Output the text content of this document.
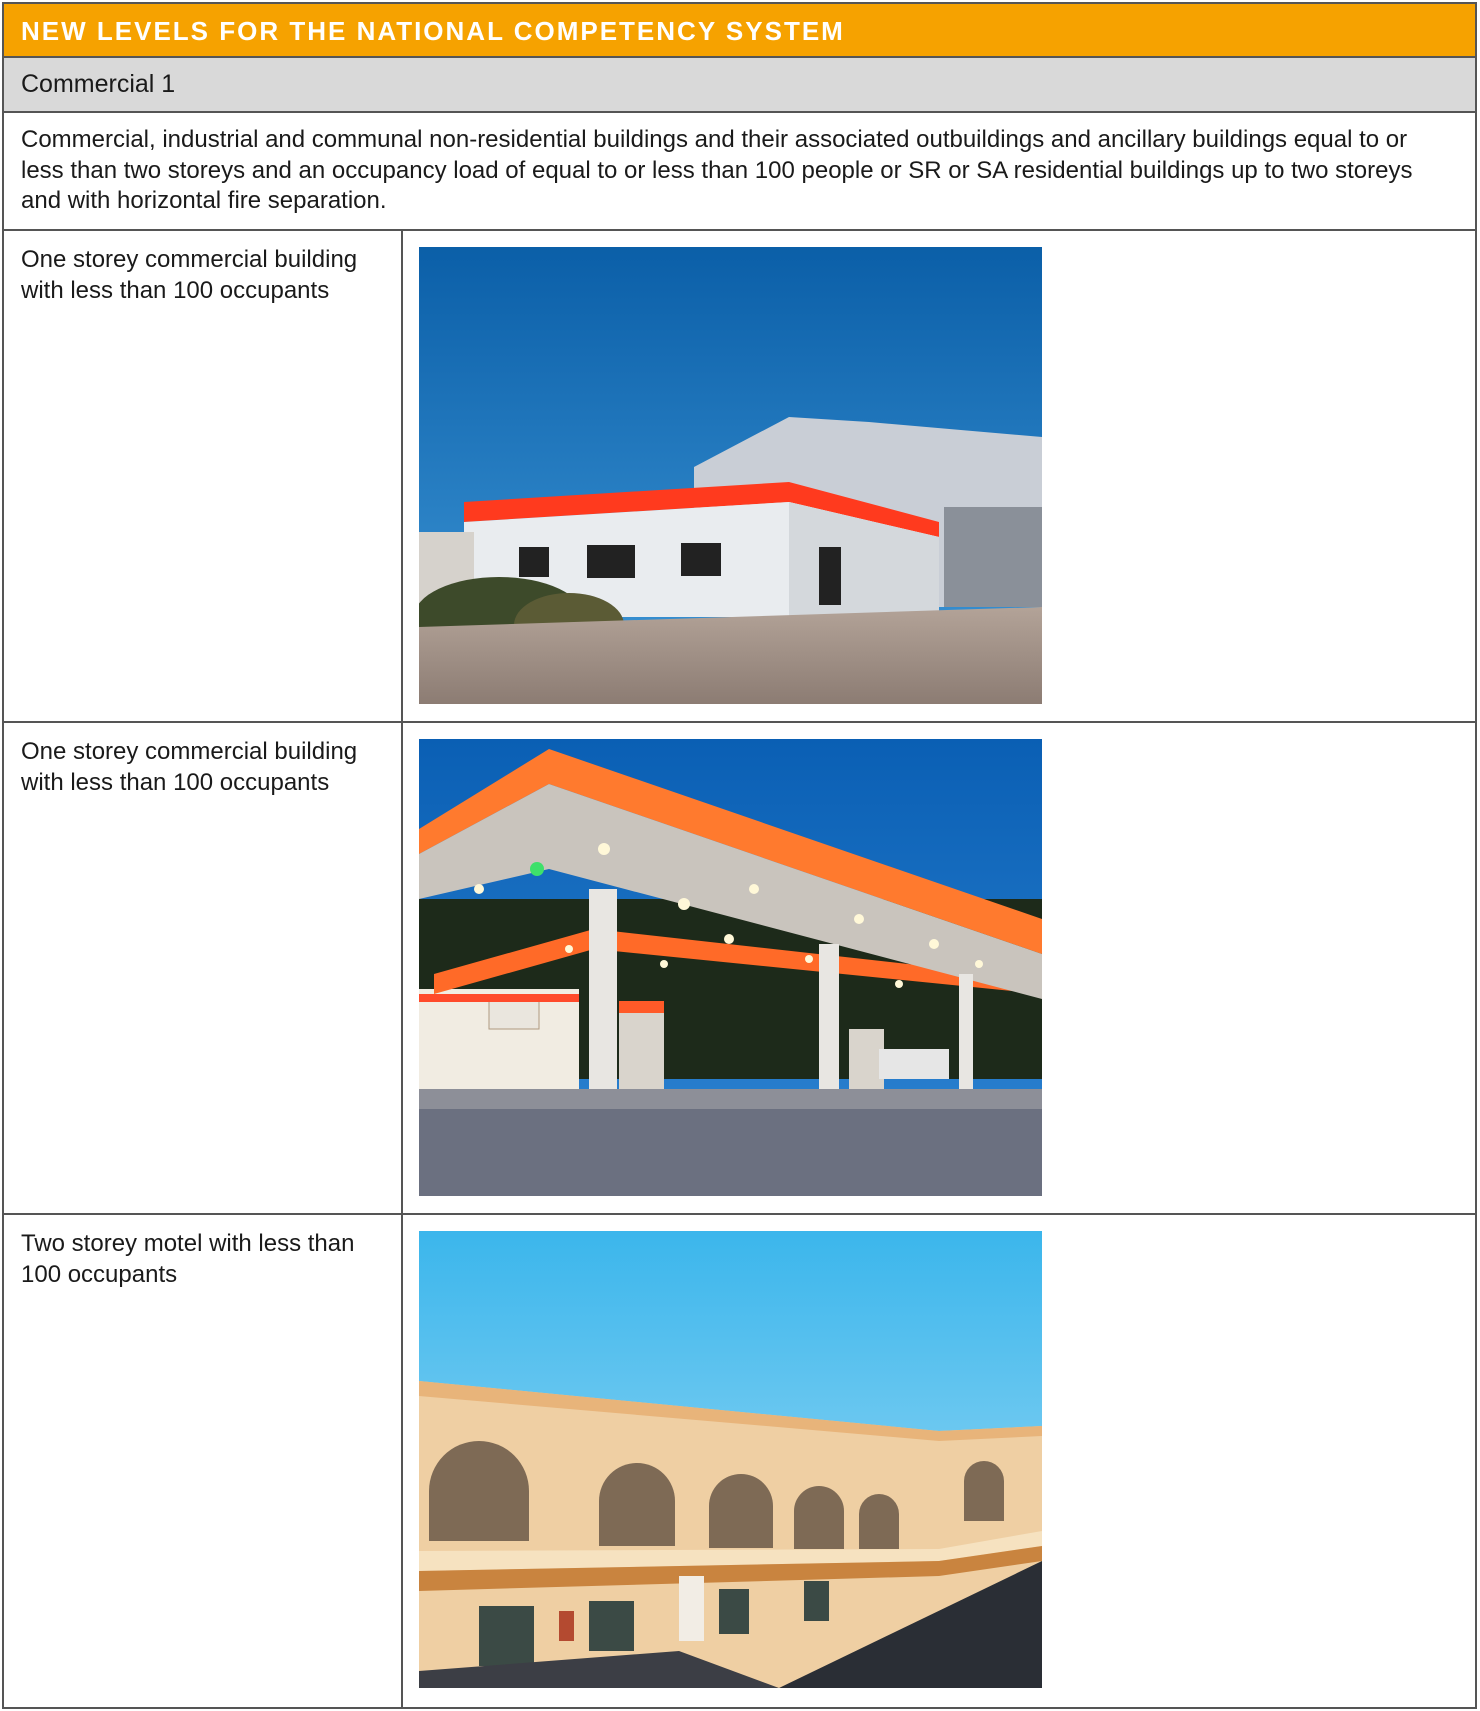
NEW LEVELS FOR THE NATIONAL COMPETENCY SYSTEM
Commercial 1
Commercial, industrial and communal non-residential buildings and their associated outbuildings and ancillary buildings equal to or less than two storeys and an occupancy load of equal to or less than 100 people or SR or SA residential buildings up to two storeys and with horizontal fire separation.
One storey commercial building with less than 100 occupants
One storey commercial building with less than 100 occupants
Two storey motel with less than 100 occupants
